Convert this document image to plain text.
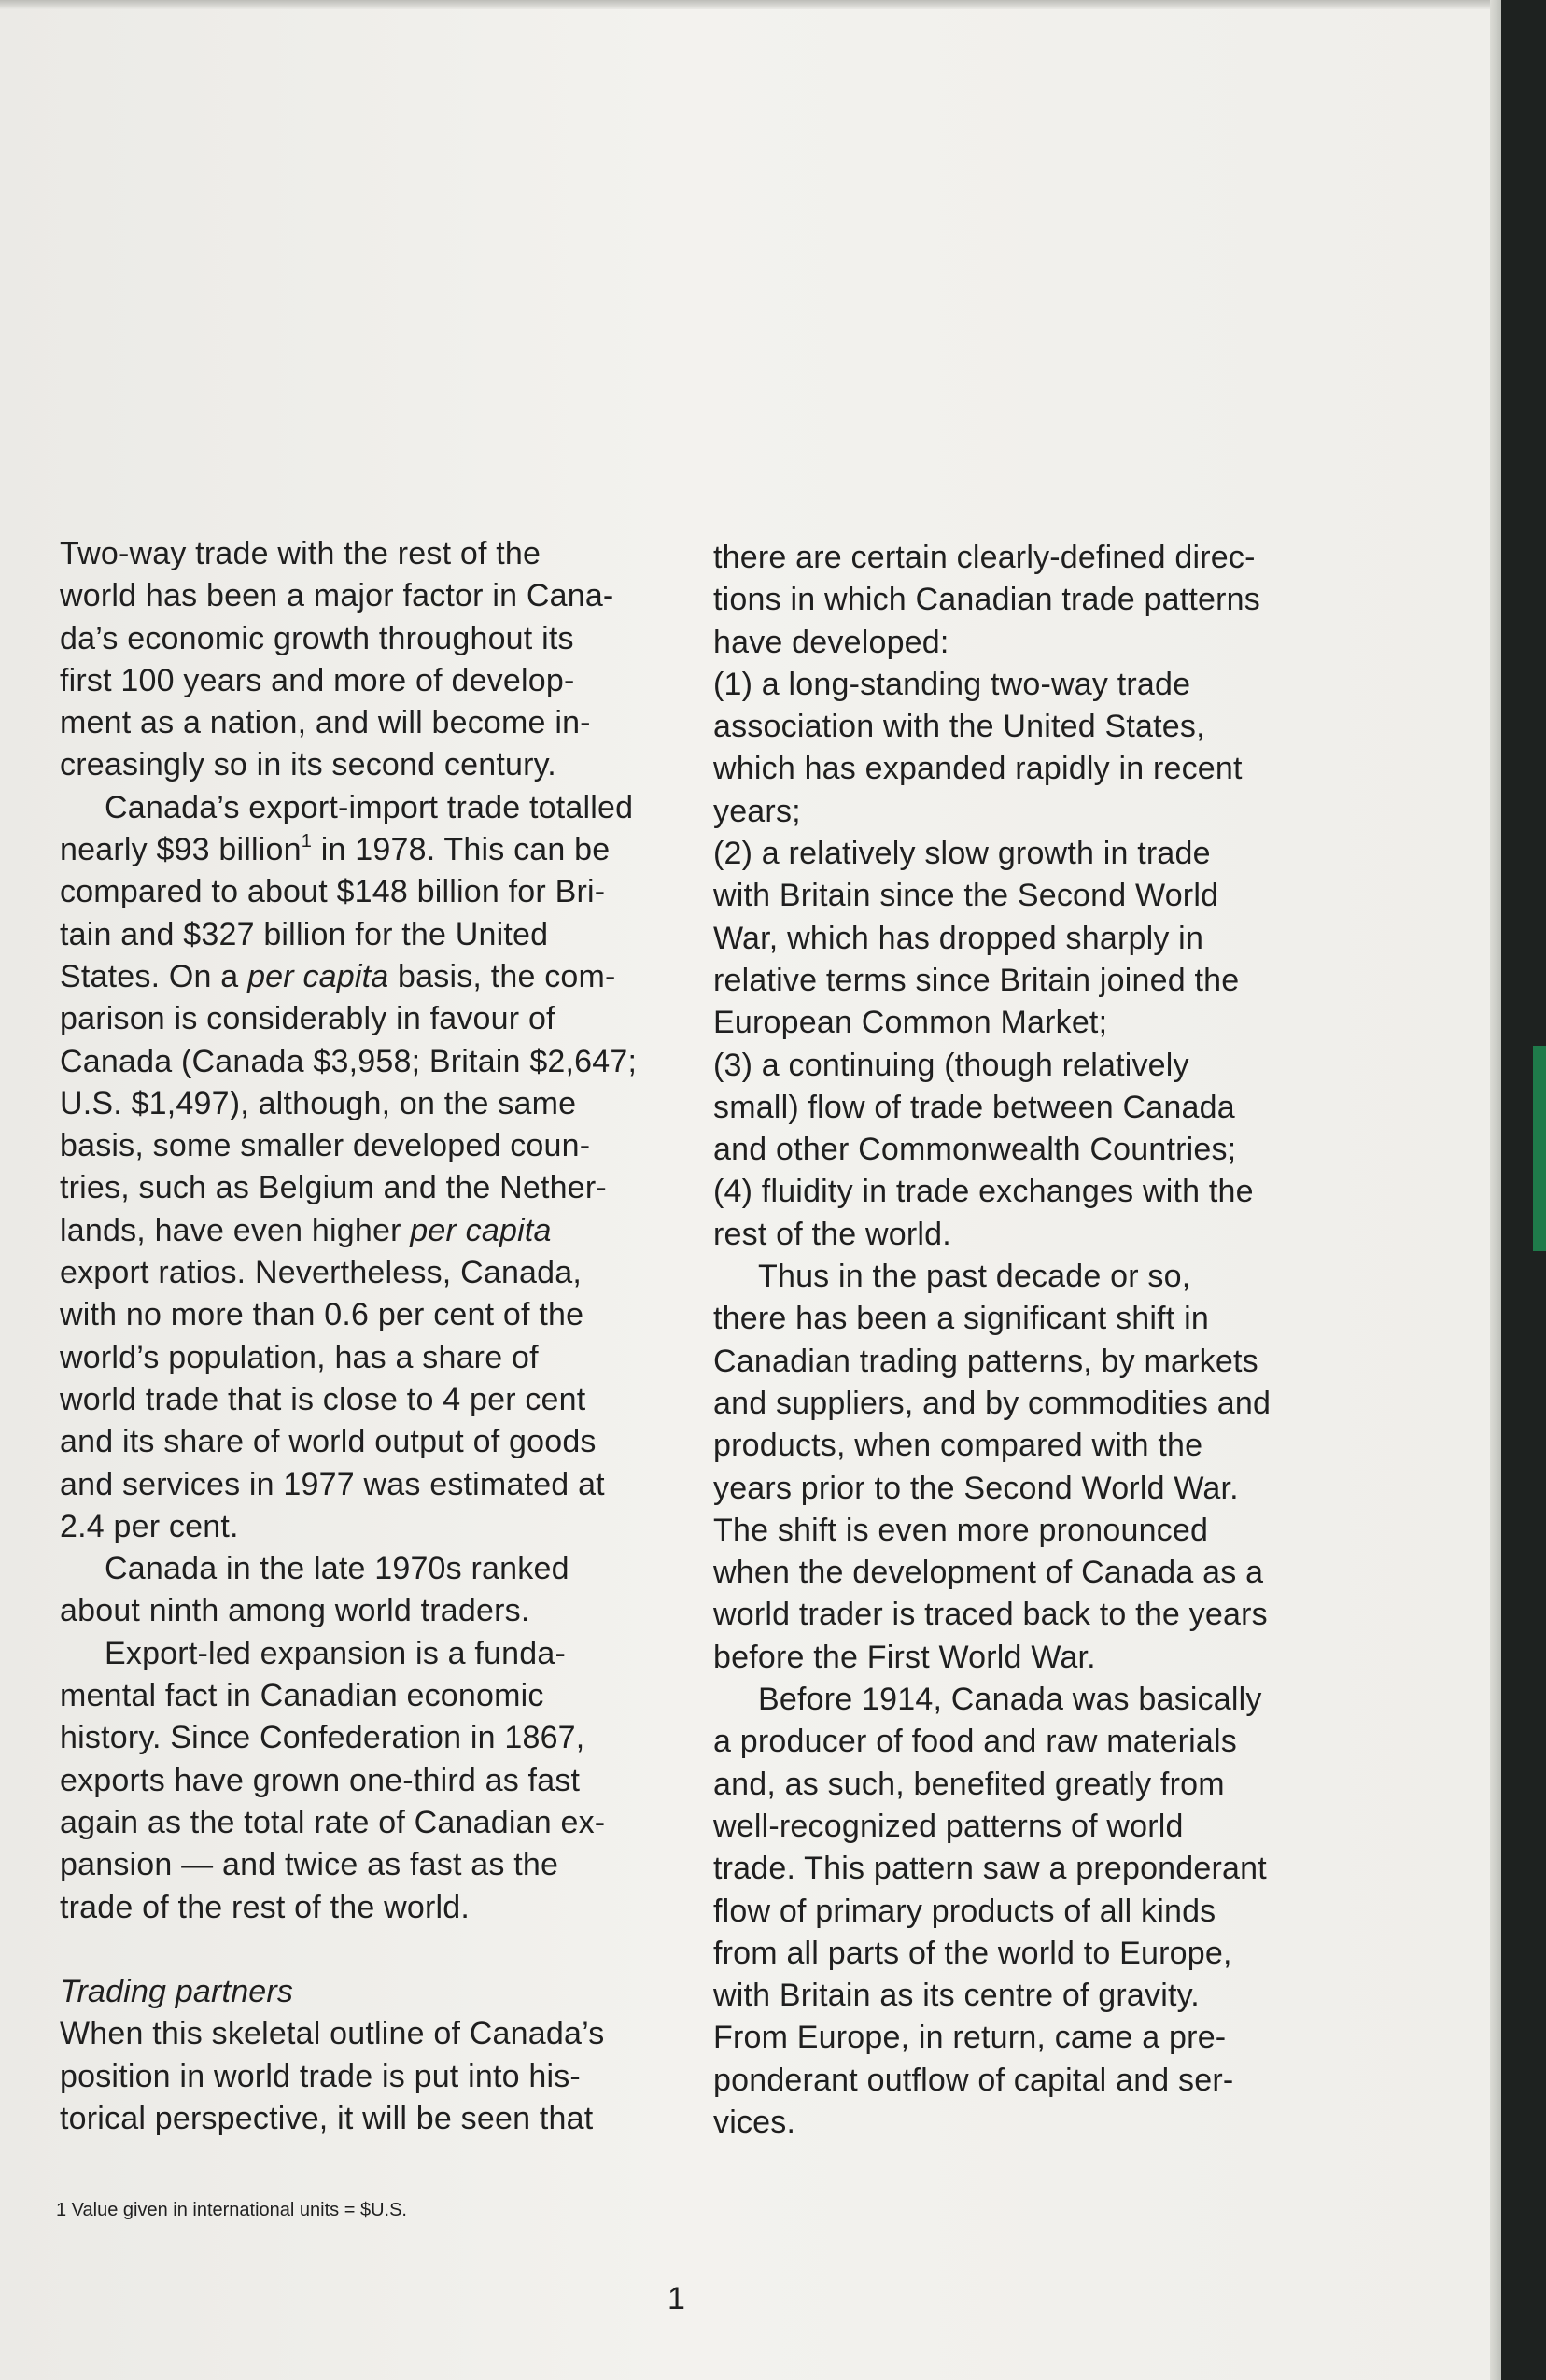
Two-way trade with the rest of the
world has been a major factor in Cana-
da’s economic growth throughout its
first 100 years and more of develop-
ment as a nation, and will become in-
creasingly so in its second century.
Canada’s export-import trade totalled
nearly $93 billion$^1$ in 1978. This can be
compared to about $148 billion for Bri-
tain and $327 billion for the United
States. On a per capita basis, the com-
parison is considerably in favour of
Canada (Canada $3,958; Britain $2,647;
U.S. $1,497), although, on the same
basis, some smaller developed coun-
tries, such as Belgium and the Nether-
lands, have even higher per capita
export ratios. Nevertheless, Canada,
with no more than 0.6 per cent of the
world’s population, has a share of
world trade that is close to 4 per cent
and its share of world output of goods
and services in 1977 was estimated at
2.4 per cent.
Canada in the late 1970s ranked
about ninth among world traders.
Export-led expansion is a funda-
mental fact in Canadian economic
history. Since Confederation in 1867,
exports have grown one-third as fast
again as the total rate of Canadian ex-
pansion — and twice as fast as the
trade of the rest of the world.

Trading partners
When this skeletal outline of Canada’s
position in world trade is put into his-
torical perspective, it will be seen that
there are certain clearly-defined direc-
tions in which Canadian trade patterns
have developed:
(1) a long-standing two-way trade
association with the United States,
which has expanded rapidly in recent
years;
(2) a relatively slow growth in trade
with Britain since the Second World
War, which has dropped sharply in
relative terms since Britain joined the
European Common Market;
(3) a continuing (though relatively
small) flow of trade between Canada
and other Commonwealth Countries;
(4) fluidity in trade exchanges with the
rest of the world.
Thus in the past decade or so,
there has been a significant shift in
Canadian trading patterns, by markets
and suppliers, and by commodities and
products, when compared with the
years prior to the Second World War.
The shift is even more pronounced
when the development of Canada as a
world trader is traced back to the years
before the First World War.
Before 1914, Canada was basically
a producer of food and raw materials
and, as such, benefited greatly from
well-recognized patterns of world
trade. This pattern saw a preponderant
flow of primary products of all kinds
from all parts of the world to Europe,
with Britain as its centre of gravity.
From Europe, in return, came a pre-
ponderant outflow of capital and ser-
vices.
1 Value given in international units = $U.S.
1
